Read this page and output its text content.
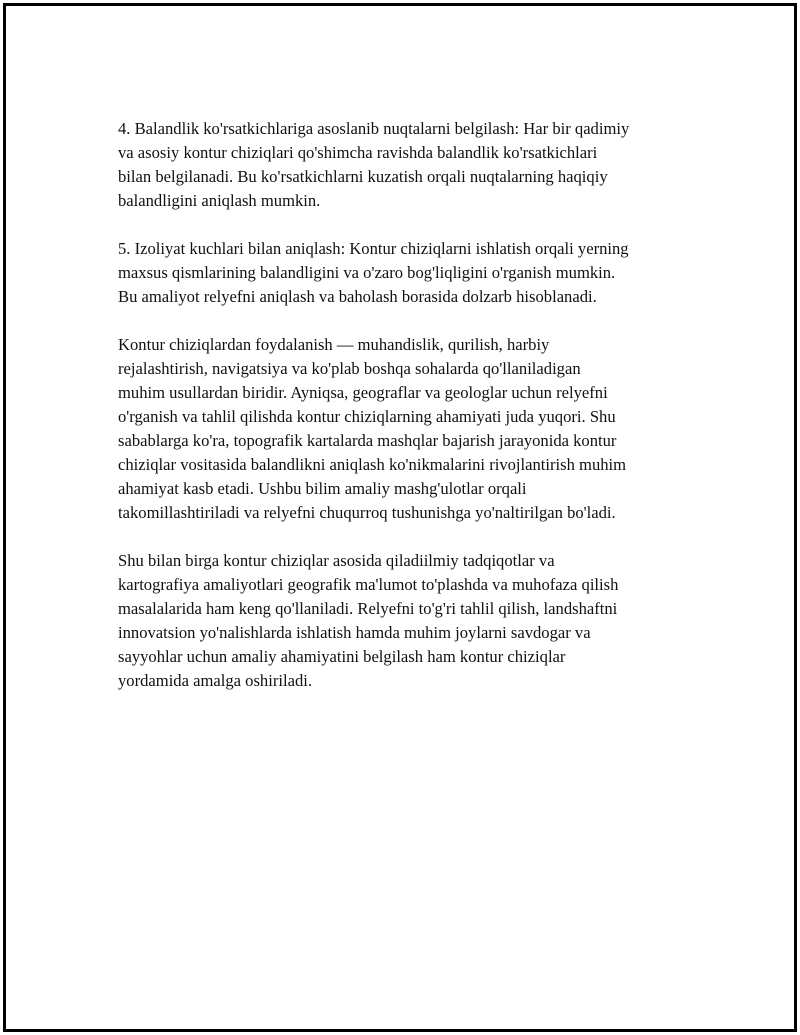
4. Balandlik ko'rsatkichlariga asoslanib nuqtalarni belgilash: Har bir qadimiy
va asosiy kontur chiziqlari qo'shimcha ravishda balandlik ko'rsatkichlari
bilan belgilanadi. Bu ko'rsatkichlarni kuzatish orqali nuqtalarning haqiqiy
balandligini aniqlash mumkin.

5. Izoliyat kuchlari bilan aniqlash: Kontur chiziqlarni ishlatish orqali yerning
maxsus qismlarining balandligini va o'zaro bog'liqligini o'rganish mumkin.
Bu amaliyot relyefni aniqlash va baholash borasida dolzarb hisoblanadi.

Kontur chiziqlardan foydalanish — muhandislik, qurilish, harbiy
rejalashtirish, navigatsiya va ko'plab boshqa sohalarda qo'llaniladigan
muhim usullardan biridir. Ayniqsa, geograflar va geologlar uchun relyefni
o'rganish va tahlil qilishda kontur chiziqlarning ahamiyati juda yuqori. Shu
sabablarga ko'ra, topografik kartalarda mashqlar bajarish jarayonida kontur
chiziqlar vositasida balandlikni aniqlash ko'nikmalarini rivojlantirish muhim
ahamiyat kasb etadi. Ushbu bilim amaliy mashg'ulotlar orqali
takomillashtiriladi va relyefni chuqurroq tushunishga yo'naltirilgan bo'ladi.

Shu bilan birga kontur chiziqlar asosida qiladiilmiy tadqiqotlar va
kartografiya amaliyotlari geografik ma'lumot to'plashda va muhofaza qilish
masalalarida ham keng qo'llaniladi. Relyefni to'g'ri tahlil qilish, landshaftni
innovatsion yo'nalishlarda ishlatish hamda muhim joylarni savdogar va
sayyohlar uchun amaliy ahamiyatini belgilash ham kontur chiziqlar
yordamida amalga oshiriladi.
